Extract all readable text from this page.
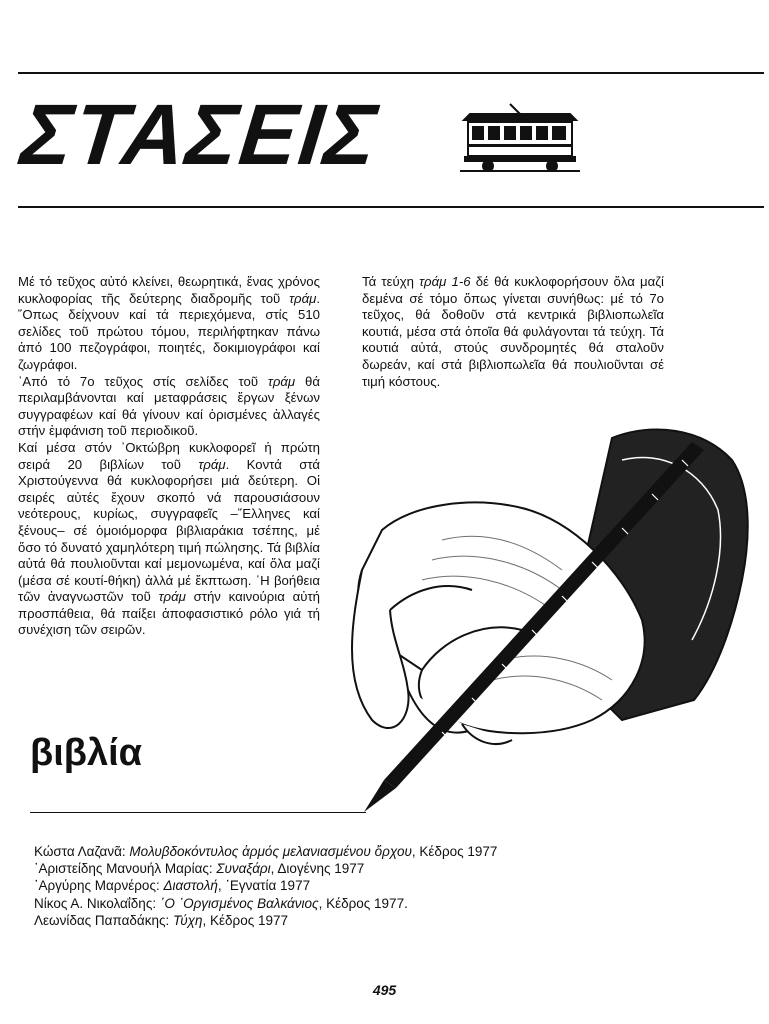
ΣΤΑΣΕΙΣ

Μέ τό τεῦχος αὐτό κλείνει, θεωρητικά, ἕνας χρόνος κυκλοφορίας τῆς δεύτερης διαδρομῆς τοῦ τράμ. ῞Οπως δείχνουν καί τά περιεχόμενα, στίς 510 σελίδες τοῦ πρώτου τόμου, περιλήφτηκαν πάνω ἀπό 100 πεζογράφοι, ποιητές, δοκιμιογράφοι καί ζωγράφοι.

᾿Από τό 7ο τεῦχος στίς σελίδες τοῦ τράμ θά περιλαμβάνονται καί μεταφράσεις ἔργων ξένων συγγραφέων καί θά γίνουν καί ὁρισμένες ἀλλαγές στήν ἐμφάνιση τοῦ περιοδικοῦ.

Καί μέσα στόν ᾿Οκτώβρη κυκλοφορεῖ ἡ πρώτη σειρά 20 βιβλίων τοῦ τράμ. Κοντά στά Χριστούγεννα θά κυκλοφορήσει μιά δεύτερη. Οἱ σειρές αὐτές ἔχουν σκοπό νά παρουσιάσουν νεότερους, κυρίως, συγγραφεῖς –῞Ελληνες καί ξένους– σέ ὁμοιόμορφα βιβλιαράκια τσέπης, μέ ὅσο τό δυνατό χαμηλότερη τιμή πώλησης. Τά βιβλία αὐτά θά πουλιοῦνται καί μεμονωμένα, καί ὅλα μαζί (μέσα σέ κουτί-θήκη) ἀλλά μέ ἔκπτωση. ῾Η βοήθεια τῶν ἀναγνωστῶν τοῦ τράμ στήν καινούρια αὐτή προσπάθεια, θά παίξει ἀποφασιστικό ρόλο γιά τή συνέχιση τῶν σειρῶν.

Τά τεύχη τράμ 1-6 δέ θά κυκλοφορήσουν ὅλα μαζί δεμένα σέ τόμο ὅπως γίνεται συνήθως: μέ τό 7ο τεῦχος, θά δοθοῦν στά κεντρικά βιβλιοπωλεῖα κουτιά, μέσα στά ὁποῖα θά φυλάγονται τά τεύχη. Τά κουτιά αὐτά, στούς συνδρομητές θά σταλοῦν δωρεάν, καί στά βιβλιοπωλεῖα θά πουλιοῦνται σέ τιμή κόστους.

βιβλία
Κώστα Λαζανᾶ: Μολυβδοκόντυλος ἁρμός μελανιασμένου ὄρχου, Κέδρος 1977
᾿Αριστείδης Μανουήλ Μαρίας: Συναξάρι, Διογένης 1977
᾿Αργύρης Μαρνέρος: Διαστολή, ᾿Εγνατία 1977
Νίκος Α. Νικολαΐδης: ῾Ο ᾿Οργισμένος Βαλκάνιος, Κέδρος 1977.
Λεωνίδας Παπαδάκης: Τύχη, Κέδρος 1977

495
